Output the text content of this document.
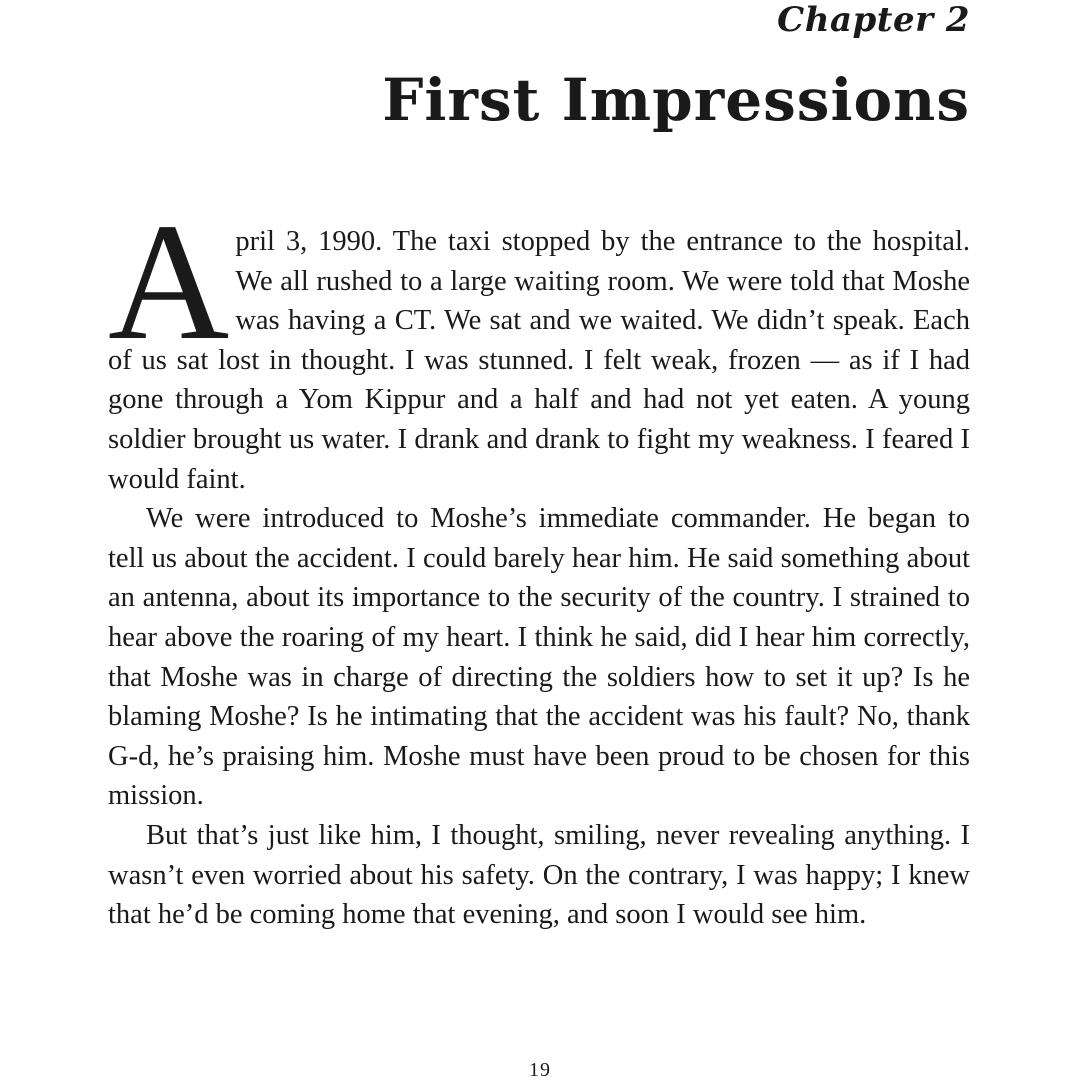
Chapter 2
First Impressions

April 3, 1990. The taxi stopped by the entrance to the hospital. We all rushed to a large waiting room. We were told that Moshe was having a CT. We sat and we waited. We didn’t speak. Each of us sat lost in thought. I was stunned. I felt weak, frozen — as if I had gone through a Yom Kippur and a half and had not yet eaten. A young soldier brought us water. I drank and drank to fight my weakness. I feared I would faint.

We were introduced to Moshe’s immediate commander. He began to tell us about the accident. I could barely hear him. He said something about an antenna, about its importance to the security of the country. I strained to hear above the roaring of my heart. I think he said, did I hear him correctly, that Moshe was in charge of directing the soldiers how to set it up? Is he blaming Moshe? Is he intimating that the accident was his fault? No, thank G-d, he’s praising him. Moshe must have been proud to be chosen for this mission.

But that’s just like him, I thought, smiling, never revealing anything. I wasn’t even worried about his safety. On the contrary, I was happy; I knew that he’d be coming home that evening, and soon I would see him.

19
